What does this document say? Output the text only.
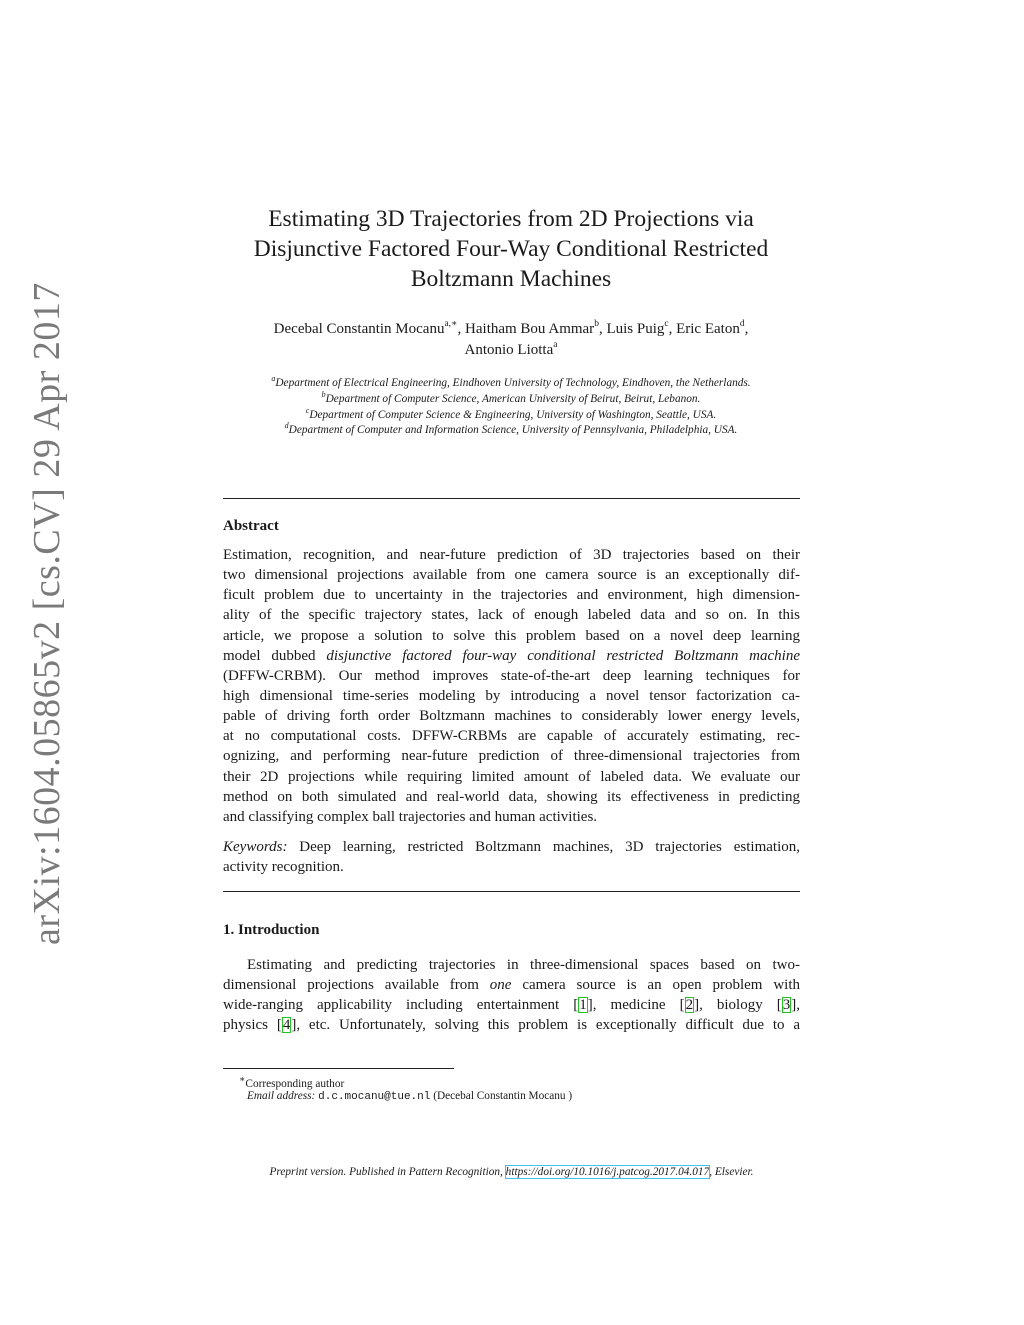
arXiv:1604.05865v2 [cs.CV] 29 Apr 2017
Estimating 3D Trajectories from 2D Projections via
Disjunctive Factored Four-Way Conditional Restricted
Boltzmann Machines
Decebal Constantin Mocanu$^{a,∗}$, Haitham Bou Ammar$^b$, Luis Puig$^c$, Eric Eaton$^d$,
Antonio Liotta$^a$
$^a$Department of Electrical Engineering, Eindhoven University of Technology, Eindhoven, the Netherlands.
$^b$Department of Computer Science, American University of Beirut, Beirut, Lebanon.
$^c$Department of Computer Science & Engineering, University of Washington, Seattle, USA.
$^d$Department of Computer and Information Science, University of Pennsylvania, Philadelphia, USA.
Abstract
Estimation, recognition, and near-future prediction of 3D trajectories based on their
two dimensional projections available from one camera source is an exceptionally dif-
ficult problem due to uncertainty in the trajectories and environment, high dimension-
ality of the specific trajectory states, lack of enough labeled data and so on. In this
article, we propose a solution to solve this problem based on a novel deep learning
model dubbed disjunctive factored four-way conditional restricted Boltzmann machine
(DFFW-CRBM). Our method improves state-of-the-art deep learning techniques for
high dimensional time-series modeling by introducing a novel tensor factorization ca-
pable of driving forth order Boltzmann machines to considerably lower energy levels,
at no computational costs. DFFW-CRBMs are capable of accurately estimating, rec-
ognizing, and performing near-future prediction of three-dimensional trajectories from
their 2D projections while requiring limited amount of labeled data. We evaluate our
method on both simulated and real-world data, showing its effectiveness in predicting
and classifying complex ball trajectories and human activities.
Keywords: Deep learning, restricted Boltzmann machines, 3D trajectories estimation,
activity recognition.
1. Introduction
Estimating and predicting trajectories in three-dimensional spaces based on two-
dimensional projections available from one camera source is an open problem with
wide-ranging applicability including entertainment [1], medicine [2], biology [3],
physics [4], etc. Unfortunately, solving this problem is exceptionally difficult due to a
∗Corresponding author
Email address: d.c.mocanu@tue.nl (Decebal Constantin Mocanu )
Preprint version. Published in Pattern Recognition, https://doi.org/10.1016/j.patcog.2017.04.017, Elsevier.
